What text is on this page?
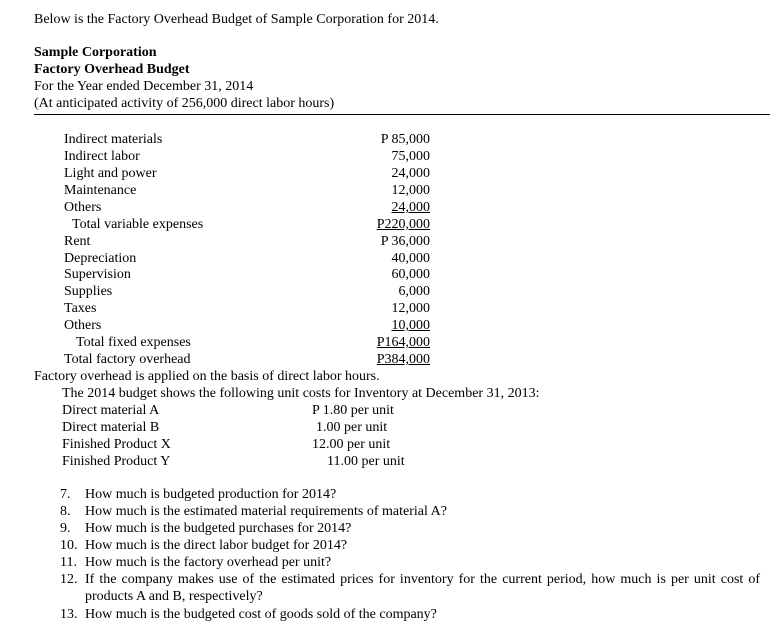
Below is the Factory Overhead Budget of Sample Corporation for 2014.
Sample Corporation
Factory Overhead Budget
For the Year ended December 31, 2014
(At anticipated activity of 256,000 direct labor hours)
Indirect materials	P 85,000
Indirect labor	75,000
Light and power	24,000
Maintenance	12,000
Others	24,000
Total variable expenses	P220,000
Rent	P 36,000
Depreciation	40,000
Supervision	60,000
Supplies	6,000
Taxes	12,000
Others	10,000
Total fixed expenses	P164,000
Total factory overhead	P384,000
Factory overhead is applied on the basis of direct labor hours.
The 2014 budget shows the following unit costs for Inventory at December 31, 2013:
Direct material A	P 1.80 per unit
Direct material B	1.00 per unit
Finished Product X	12.00 per unit
Finished Product Y	11.00 per unit
7.	How much is budgeted production for 2014?
8.	How much is the estimated material requirements of material A?
9.	How much is the budgeted purchases for 2014?
10. How much is the direct labor budget for 2014?
11. How much is the factory overhead per unit?
12. If the company makes use of the estimated prices for inventory for the current period, how much is per unit cost of products A and B, respectively?
13. How much is the budgeted cost of goods sold of the company?
